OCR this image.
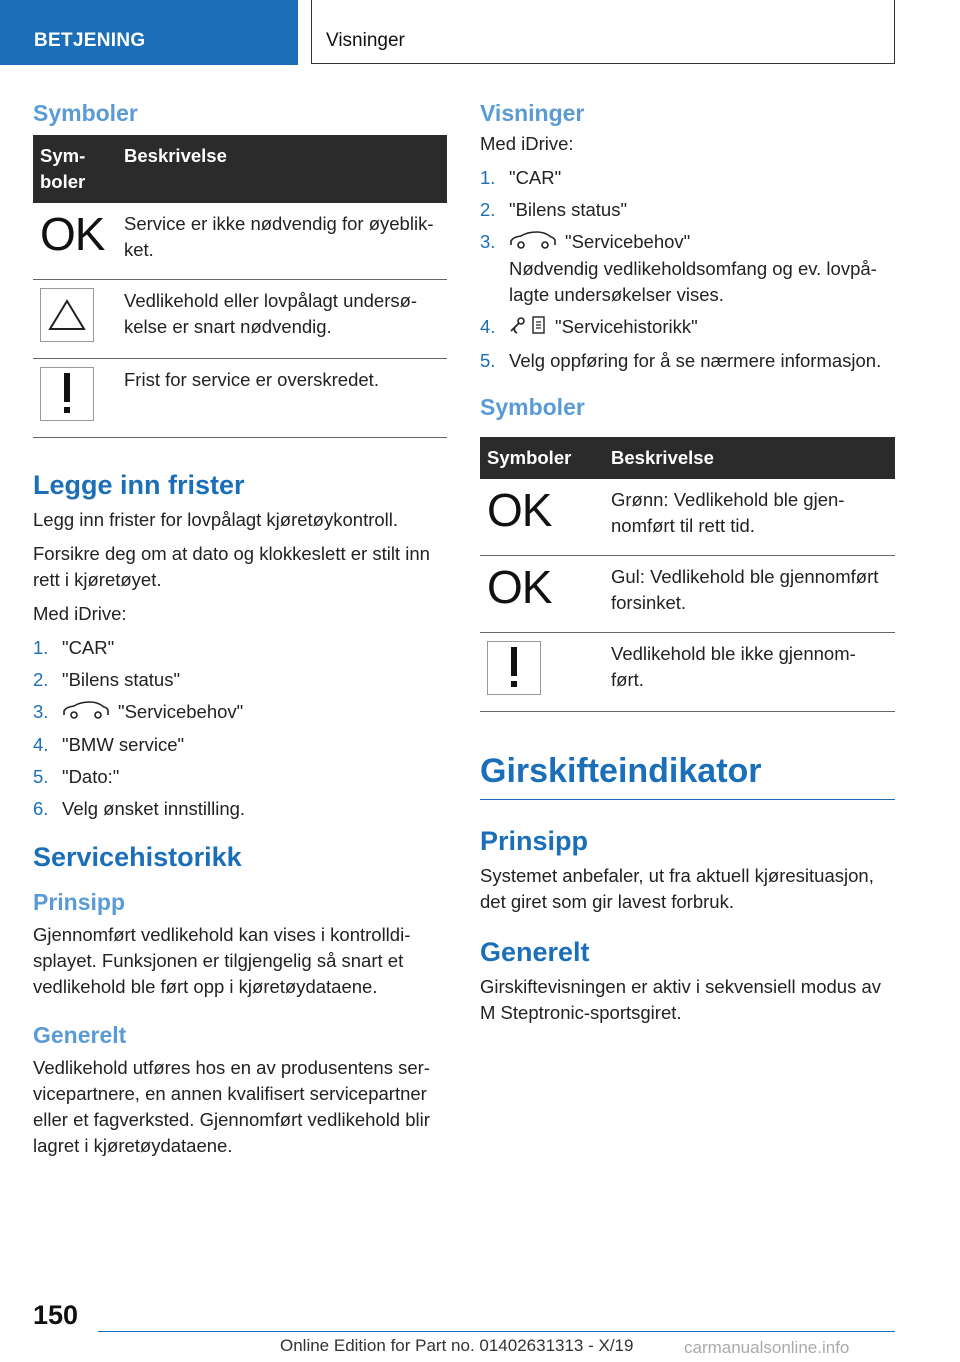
BETJENING	Visninger
Symboler
Sym-
boler	Beskrivelse
OK	Service er ikke nødvendig for øyeblik-ket.

	Vedlikehold eller lovpålagt undersø-kelse er snart nødvendig.

	Frist for service er overskredet.
Legge inn frister

Legg inn frister for lovpålagt kjøretøykontroll.

Forsikre deg om at dato og klokkeslett er stilt inn rett i kjøretøyet.

Med iDrive:

1. "CAR"
2. "Bilens status"
3.	"Servicebehov"
4. "BMW service"
5. "Dato:"
6. Velg ønsket innstilling.
Servicehistorikk
Prinsipp

Gjennomført vedlikehold kan vises i kontrolldi-splayet. Funksjonen er tilgjengelig så snart et vedlikehold ble ført opp i kjøretøydataene.

Generelt

Vedlikehold utføres hos en av produsentens ser-vicepartnere, en annen kvalifisert servicepartner eller et fagverksted. Gjennomført vedlikehold blir lagret i kjøretøydataene.

Visninger

Med iDrive:

1. "CAR"
2. "Bilens status"
3.	"Servicebehov"
Nødvendig vedlikeholdsomfang og ev. lovpå-lagte undersøkelser vises.
4.	"Servicehistorikk"
5. Velg oppføring for å se nærmere informasjon.
Symboler
Symboler	Beskrivelse
OK	Grønn: Vedlikehold ble gjen-nomført til rett tid.
OK	Gul: Vedlikehold ble gjennomført forsinket.

	Vedlikehold ble ikke gjennom-ført.
Girskifteindikator
Prinsipp

Systemet anbefaler, ut fra aktuell kjøresituasjon, det giret som gir lavest forbruk.

Generelt

Girskiftevisningen er aktiv i sekvensiell modus av M Steptronic-sportsgiret.

150
Online Edition for Part no. 01402631313 - X/19	carmanualsonline.info
